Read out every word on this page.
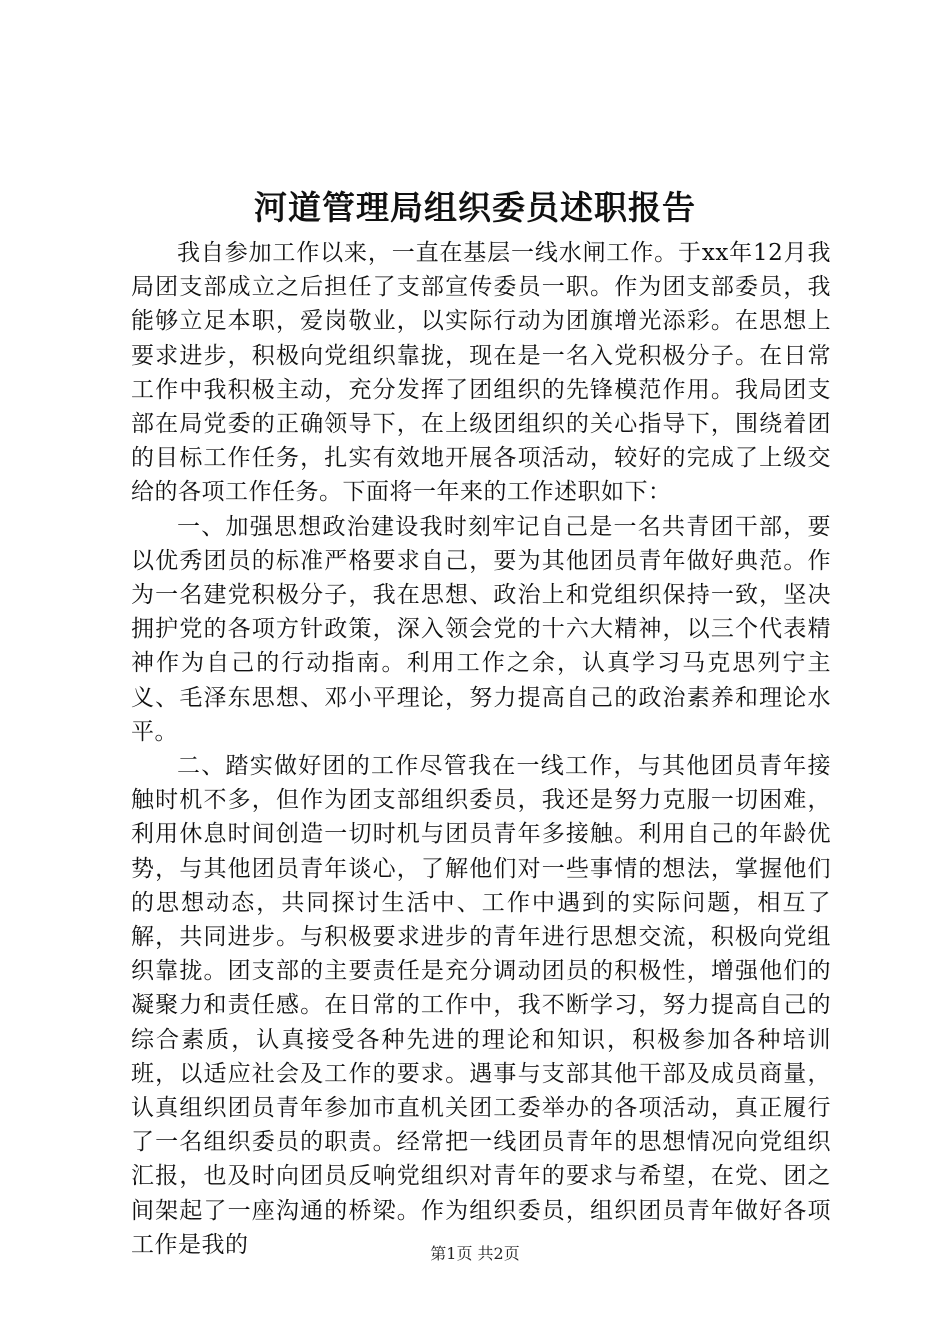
河道管理局组织委员述职报告

我自参加工作以来，一直在基层一线水闸工作。于xx年12月我局团支部成立之后担任了支部宣传委员一职。作为团支部委员，我能够立足本职，爱岗敬业，以实际行动为团旗增光添彩。在思想上要求进步，积极向党组织靠拢，现在是一名入党积极分子。在日常工作中我积极主动，充分发挥了团组织的先锋模范作用。我局团支部在局党委的正确领导下，在上级团组织的关心指导下，围绕着团的目标工作任务，扎实有效地开展各项活动，较好的完成了上级交给的各项工作任务。下面将一年来的工作述职如下：

一、加强思想政治建设我时刻牢记自己是一名共青团干部，要以优秀团员的标准严格要求自己，要为其他团员青年做好典范。作为一名建党积极分子，我在思想、政治上和党组织保持一致，坚决拥护党的各项方针政策，深入领会党的十六大精神，以三个代表精神作为自己的行动指南。利用工作之余，认真学习马克思列宁主义、毛泽东思想、邓小平理论，努力提高自己的政治素养和理论水平。

二、踏实做好团的工作尽管我在一线工作，与其他团员青年接触时机不多，但作为团支部组织委员，我还是努力克服一切困难，利用休息时间创造一切时机与团员青年多接触。利用自己的年龄优势，与其他团员青年谈心，了解他们对一些事情的想法，掌握他们的思想动态，共同探讨生活中、工作中遇到的实际问题，相互了解，共同进步。与积极要求进步的青年进行思想交流，积极向党组织靠拢。团支部的主要责任是充分调动团员的积极性，增强他们的凝聚力和责任感。在日常的工作中，我不断学习，努力提高自己的综合素质，认真接受各种先进的理论和知识，积极参加各种培训班，以适应社会及工作的要求。遇事与支部其他干部及成员商量，认真组织团员青年参加市直机关团工委举办的各项活动，真正履行了一名组织委员的职责。经常把一线团员青年的思想情况向党组织汇报，也及时向团员反响党组织对青年的要求与希望，在党、团之间架起了一座沟通的桥梁。作为组织委员，组织团员青年做好各项工作是我的	第1页 共2页
